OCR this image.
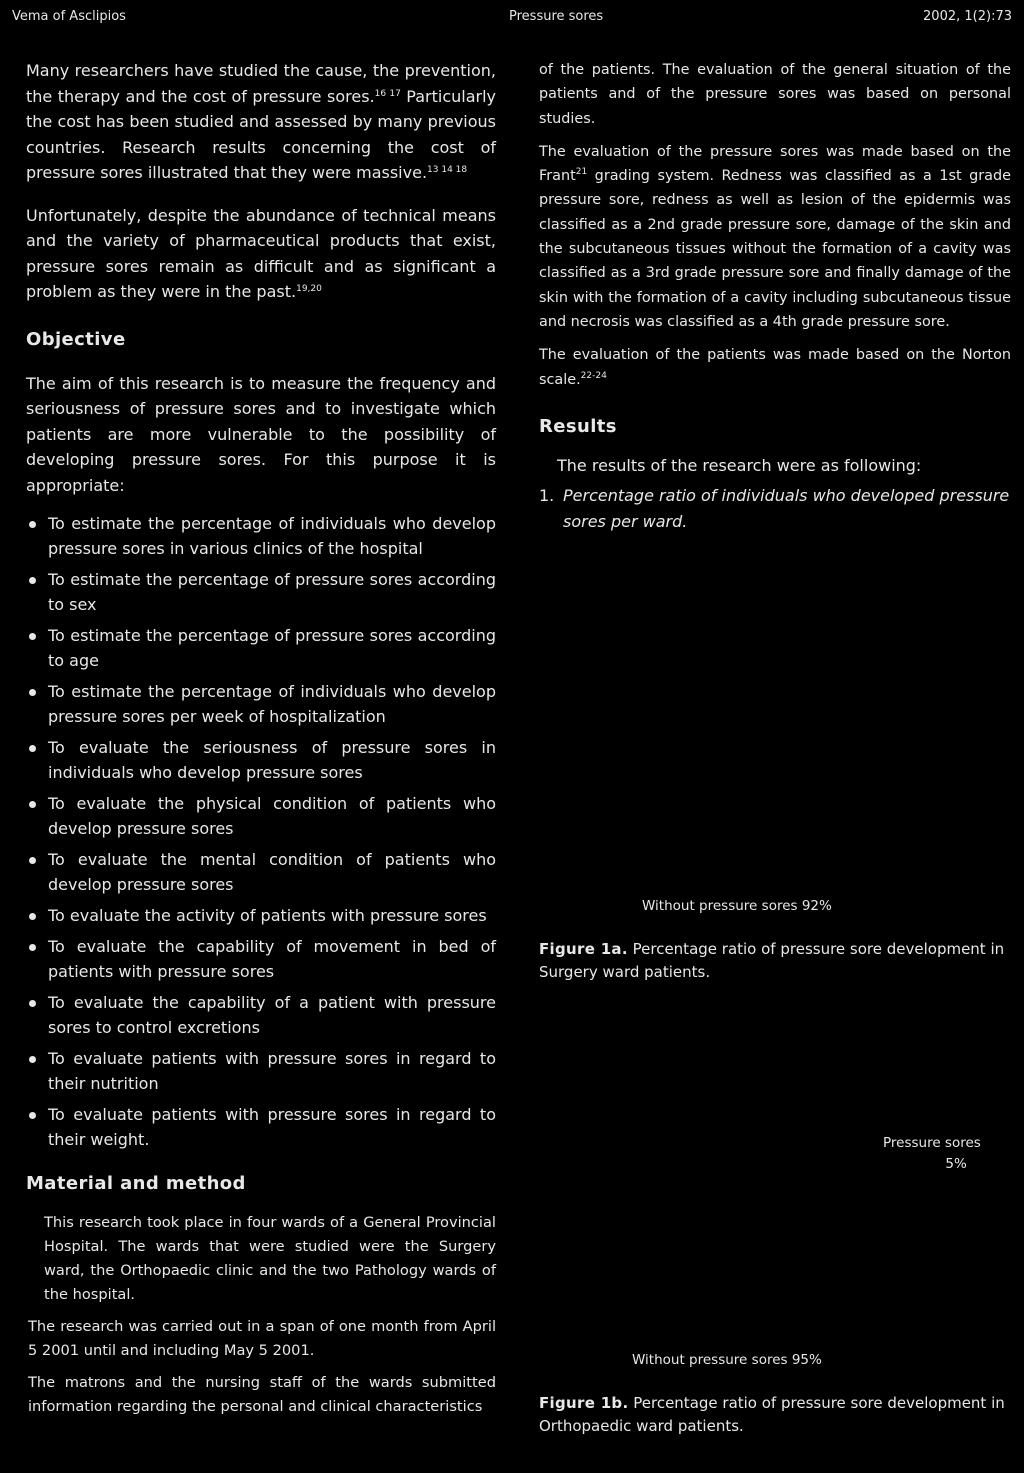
Vema of Asclipios	Pressure sores	2002, 1(2):73

Many researchers have studied the cause, the prevention, the therapy and the cost of pressure sores.$^{16 17}$ Particularly the cost has been studied and assessed by many previous countries. Research results concerning the cost of pressure sores illustrated that they were massive.$^{13 14 18}$

Unfortunately, despite the abundance of technical means and the variety of pharmaceutical products that exist, pressure sores remain as difficult and as significant a problem as they were in the past.$^{19,20}$

Objective

The aim of this research is to measure the frequency and seriousness of pressure sores and to investigate which patients are more vulnerable to the possibility of developing pressure sores. For this purpose it is appropriate:

To estimate the percentage of individuals who develop pressure sores in various clinics of the hospital
To estimate the percentage of pressure sores according to sex
To estimate the percentage of pressure sores according to age
To estimate the percentage of individuals who develop pressure sores per week of hospitalization
To evaluate the seriousness of pressure sores in individuals who develop pressure sores
To evaluate the physical condition of patients who develop pressure sores
To evaluate the mental condition of patients who develop pressure sores
To evaluate the activity of patients with pressure sores
To evaluate the capability of movement in bed of patients with pressure sores
To evaluate the capability of a patient with pressure sores to control excretions
To evaluate patients with pressure sores in regard to their nutrition
To evaluate patients with pressure sores in regard to their weight.
Material and method

This research took place in four wards of a General Provincial Hospital. The wards that were studied were the Surgery ward, the Orthopaedic clinic and the two Pathology wards of the hospital.

The research was carried out in a span of one month from April 5 2001 until and including May 5 2001.

The matrons and the nursing staff of the wards submitted information regarding the personal and clinical characteristics

of the patients. The evaluation of the general situation of the patients and of the pressure sores was based on personal studies.

The evaluation of the pressure sores was made based on the Frant$^{21}$ grading system. Redness was classified as a 1st grade pressure sore, redness as well as lesion of the epidermis was classified as a 2nd grade pressure sore, damage of the skin and the subcutaneous tissues without the formation of a cavity was classified as a 3rd grade pressure sore and finally damage of the skin with the formation of a cavity including subcutaneous tissue and necrosis was classified as a 4th grade pressure sore.

The evaluation of the patients was made based on the Norton scale.$^{22-24}$

Results

The results of the research were as following:

1. Percentage ratio of individuals who developed pressure sores per ward.
Without pressure sores 92%
Figure 1a. Percentage ratio of pressure sore development in Surgery ward patients.
Pressure sores
5%
Without pressure sores 95%
Figure 1b. Percentage ratio of pressure sore development in Orthopaedic ward patients.
